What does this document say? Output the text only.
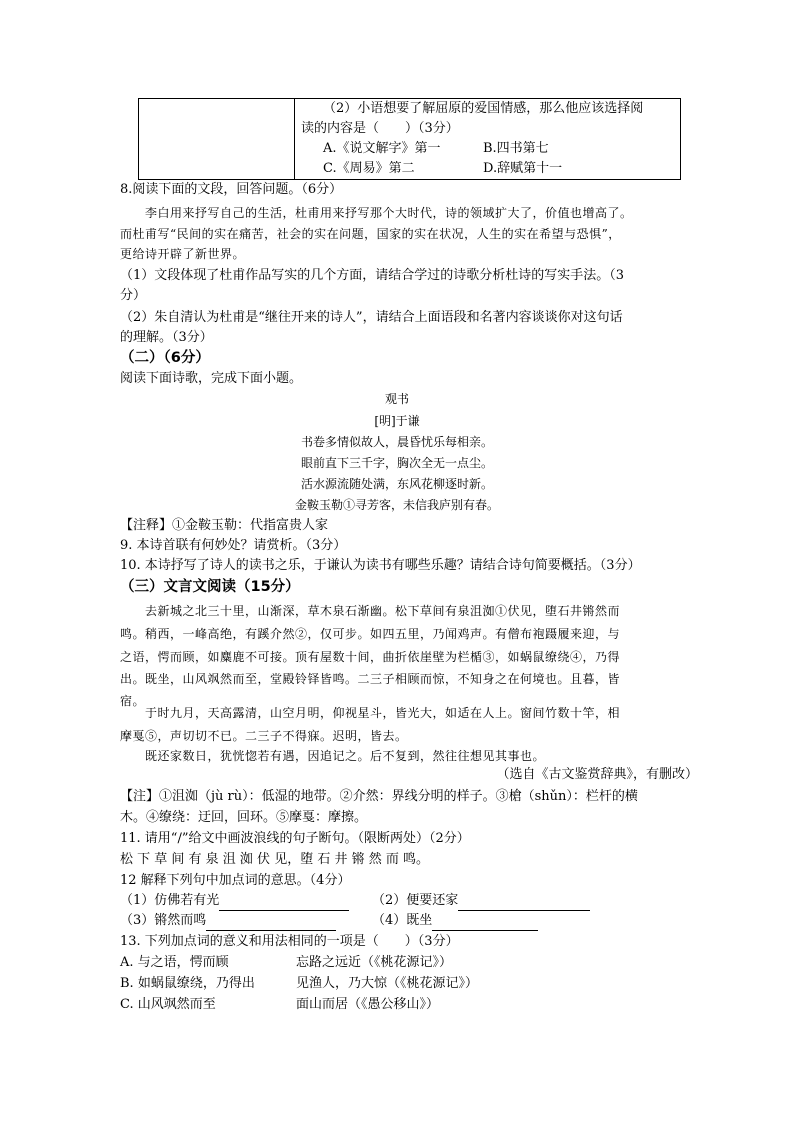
（2）小语想要了解屈原的爱国情感，那么他应该选择阅
读的内容是（　　）（3分）
A.《说文解字》第一	B.四书第七
C.《周易》第二	D.辞赋第十一
8.阅读下面的文段，回答问题。（6分）
　　李白用来抒写自己的生活，杜甫用来抒写那个大时代，诗的领域扩大了，价值也增高了。
而杜甫写“民间的实在痛苦，社会的实在问题，国家的实在状况，人生的实在希望与恐惧”，
更给诗开辟了新世界。
（1）文段体现了杜甫作品写实的几个方面，请结合学过的诗歌分析杜诗的写实手法。（3
分）
（2）朱自清认为杜甫是“继往开来的诗人”，请结合上面语段和名著内容谈谈你对这句话
的理解。（3分）
（二）（6分）
阅读下面诗歌，完成下面小题。
观书
[明]于谦
书卷多情似故人，晨昏忧乐每相亲。
眼前直下三千字，胸次全无一点尘。
活水源流随处满，东风花柳逐时新。
金鞍玉勒①寻芳客，未信我庐别有春。
【注释】①金鞍玉勒：代指富贵人家
9. 本诗首联有何妙处？请赏析。（3分）
10. 本诗抒写了诗人的读书之乐，于谦认为读书有哪些乐趣？请结合诗句简要概括。（3分）
（三）文言文阅读（15分）
　　去新城之北三十里，山渐深，草木泉石渐幽。松下草间有泉沮洳①伏见，堕石井锵然而
鸣。稍西，一峰高绝，有蹊介然②，仅可步。如四五里，乃闻鸡声。有僧布袍蹑履来迎，与
之语，愕而顾，如麋鹿不可接。顶有屋数十间，曲折依崖壁为栏楯③，如蜗鼠缭绕④，乃得
出。既坐，山风飒然而至，堂殿铃铎皆鸣。二三子相顾而惊，不知身之在何境也。且暮，皆
宿。
　　于时九月，天高露清，山空月明，仰视星斗，皆光大，如适在人上。窗间竹数十竿，相
摩戛⑤，声切切不已。二三子不得寐。迟明，皆去。
　　既还家数日，犹恍惚若有遇，因追记之。后不复到，然往往想见其事也。
（选自《古文鉴赏辞典》，有删改）
【注】①沮洳（jù rù）：低湿的地带。②介然：界线分明的样子。③槍（shǔn）：栏杆的横
木。④缭绕：迂回，回环。⑤摩戛：摩擦。
11. 请用“/”给文中画波浪线的句子断句。（限断两处）（2分）
松 下 草 间 有 泉 沮 洳 伏 见，堕 石 井 锵 然 而 鸣。
12 解释下列句中加点词的意思。（4分）
（1）仿佛若有光	（2）便要还家
（3）锵然而鸣	（4）既坐
13. 下列加点词的意义和用法相同的一项是（　　）（3分）
A. 与之语，愕而顾	忘路之远近（《桃花源记》）
B. 如蜗鼠缭绕，乃得出	见渔人，乃大惊（《桃花源记》）
C. 山风飒然而至	面山而居（《愚公移山》）
